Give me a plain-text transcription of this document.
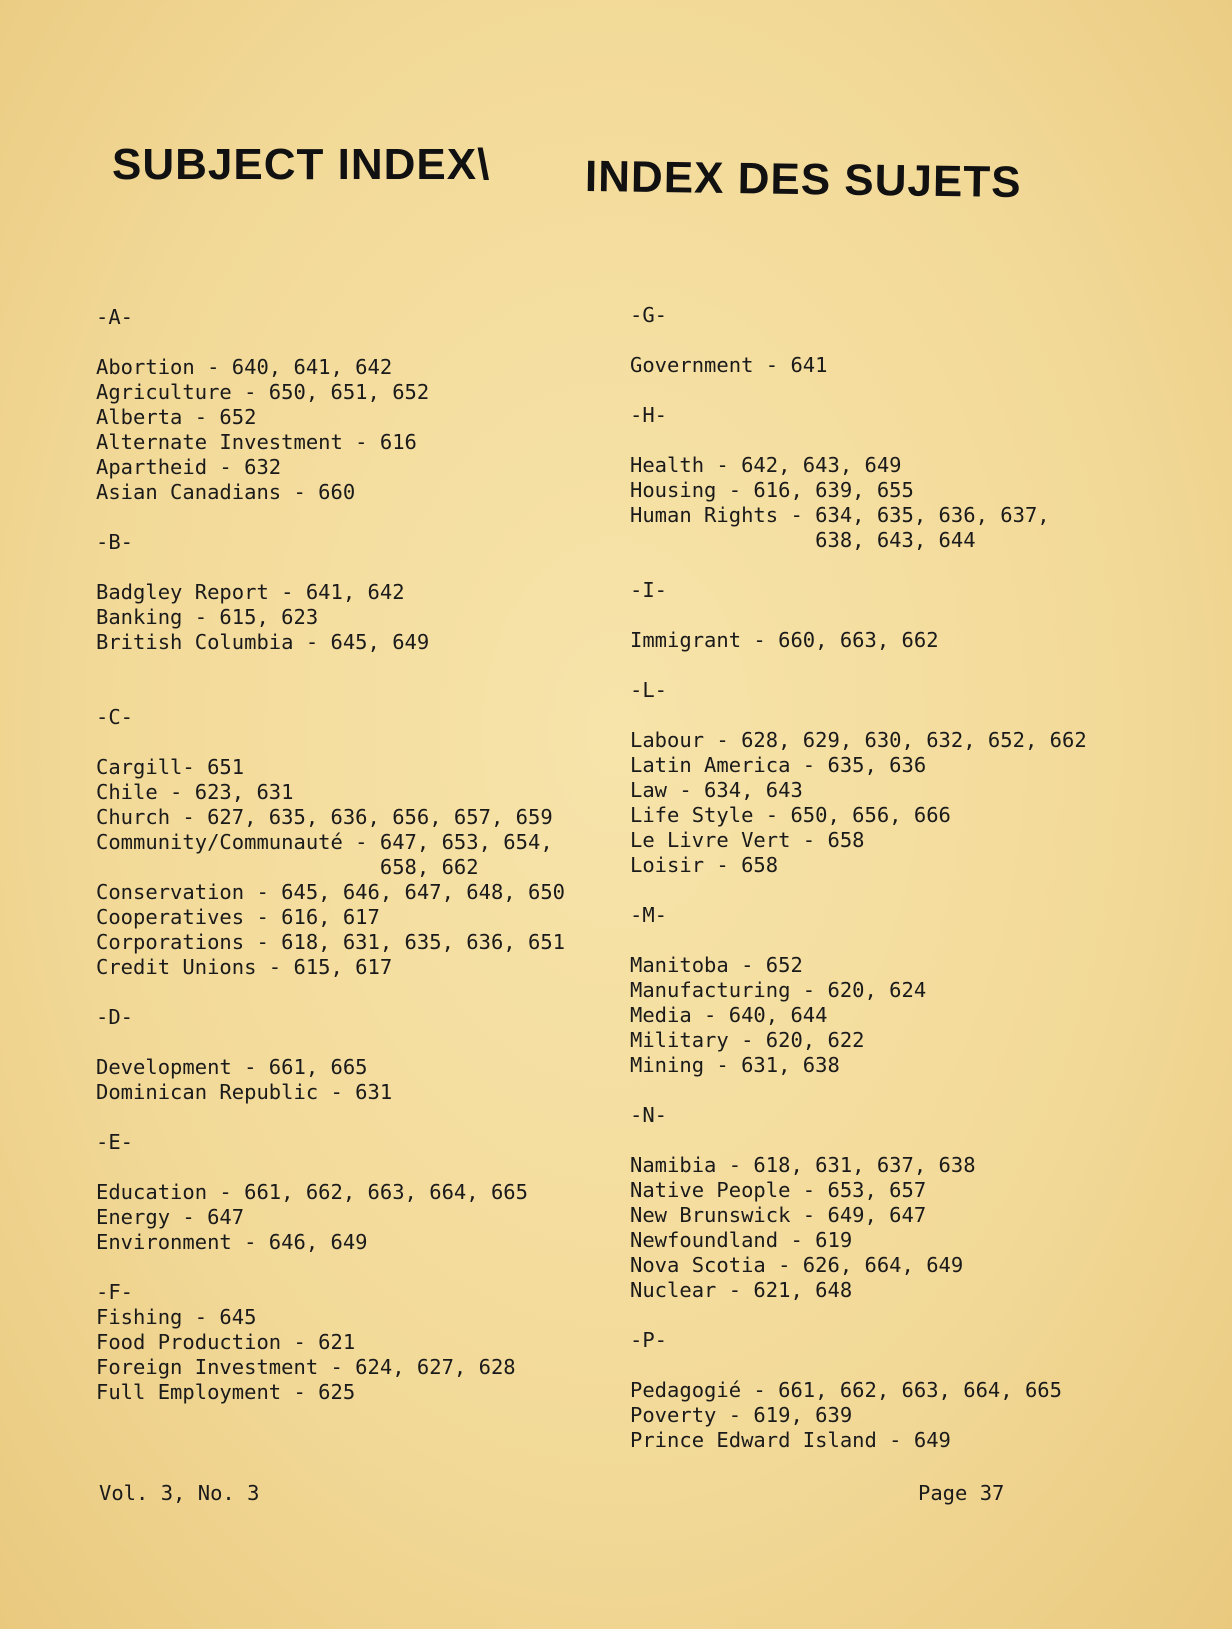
SUBJECT INDEX\ INDEX DES SUJETS
-A-
Abortion - 640, 641, 642
Agriculture - 650, 651, 652
Alberta - 652
Alternate Investment - 616
Apartheid - 632
Asian Canadians - 660
-B-
Badgley Report - 641, 642
Banking - 615, 623
British Columbia - 645, 649
-C-
Cargill- 651
Chile - 623, 631
Church - 627, 635, 636, 656, 657, 659
Community/Communauté - 647, 653, 654,
658, 662
Conservation - 645, 646, 647, 648, 650
Cooperatives - 616, 617
Corporations - 618, 631, 635, 636, 651
Credit Unions - 615, 617
-D-
Development - 661, 665
Dominican Republic - 631
-E-
Education - 661, 662, 663, 664, 665
Energy - 647
Environment - 646, 649
-F-
Fishing - 645
Food Production - 621
Foreign Investment - 624, 627, 628
Full Employment - 625
-G-
Government - 641
-H-
Health - 642, 643, 649
Housing - 616, 639, 655
Human Rights - 634, 635, 636, 637,
638, 643, 644
-I-
Immigrant - 660, 663, 662
-L-
Labour - 628, 629, 630, 632, 652, 662
Latin America - 635, 636
Law - 634, 643
Life Style - 650, 656, 666
Le Livre Vert - 658
Loisir - 658
-M-
Manitoba - 652
Manufacturing - 620, 624
Media - 640, 644
Military - 620, 622
Mining - 631, 638
-N-
Namibia - 618, 631, 637, 638
Native People - 653, 657
New Brunswick - 649, 647
Newfoundland - 619
Nova Scotia - 626, 664, 649
Nuclear - 621, 648
-P-
Pedagogié - 661, 662, 663, 664, 665
Poverty - 619, 639
Prince Edward Island - 649
Vol. 3, No. 3	Page 37
